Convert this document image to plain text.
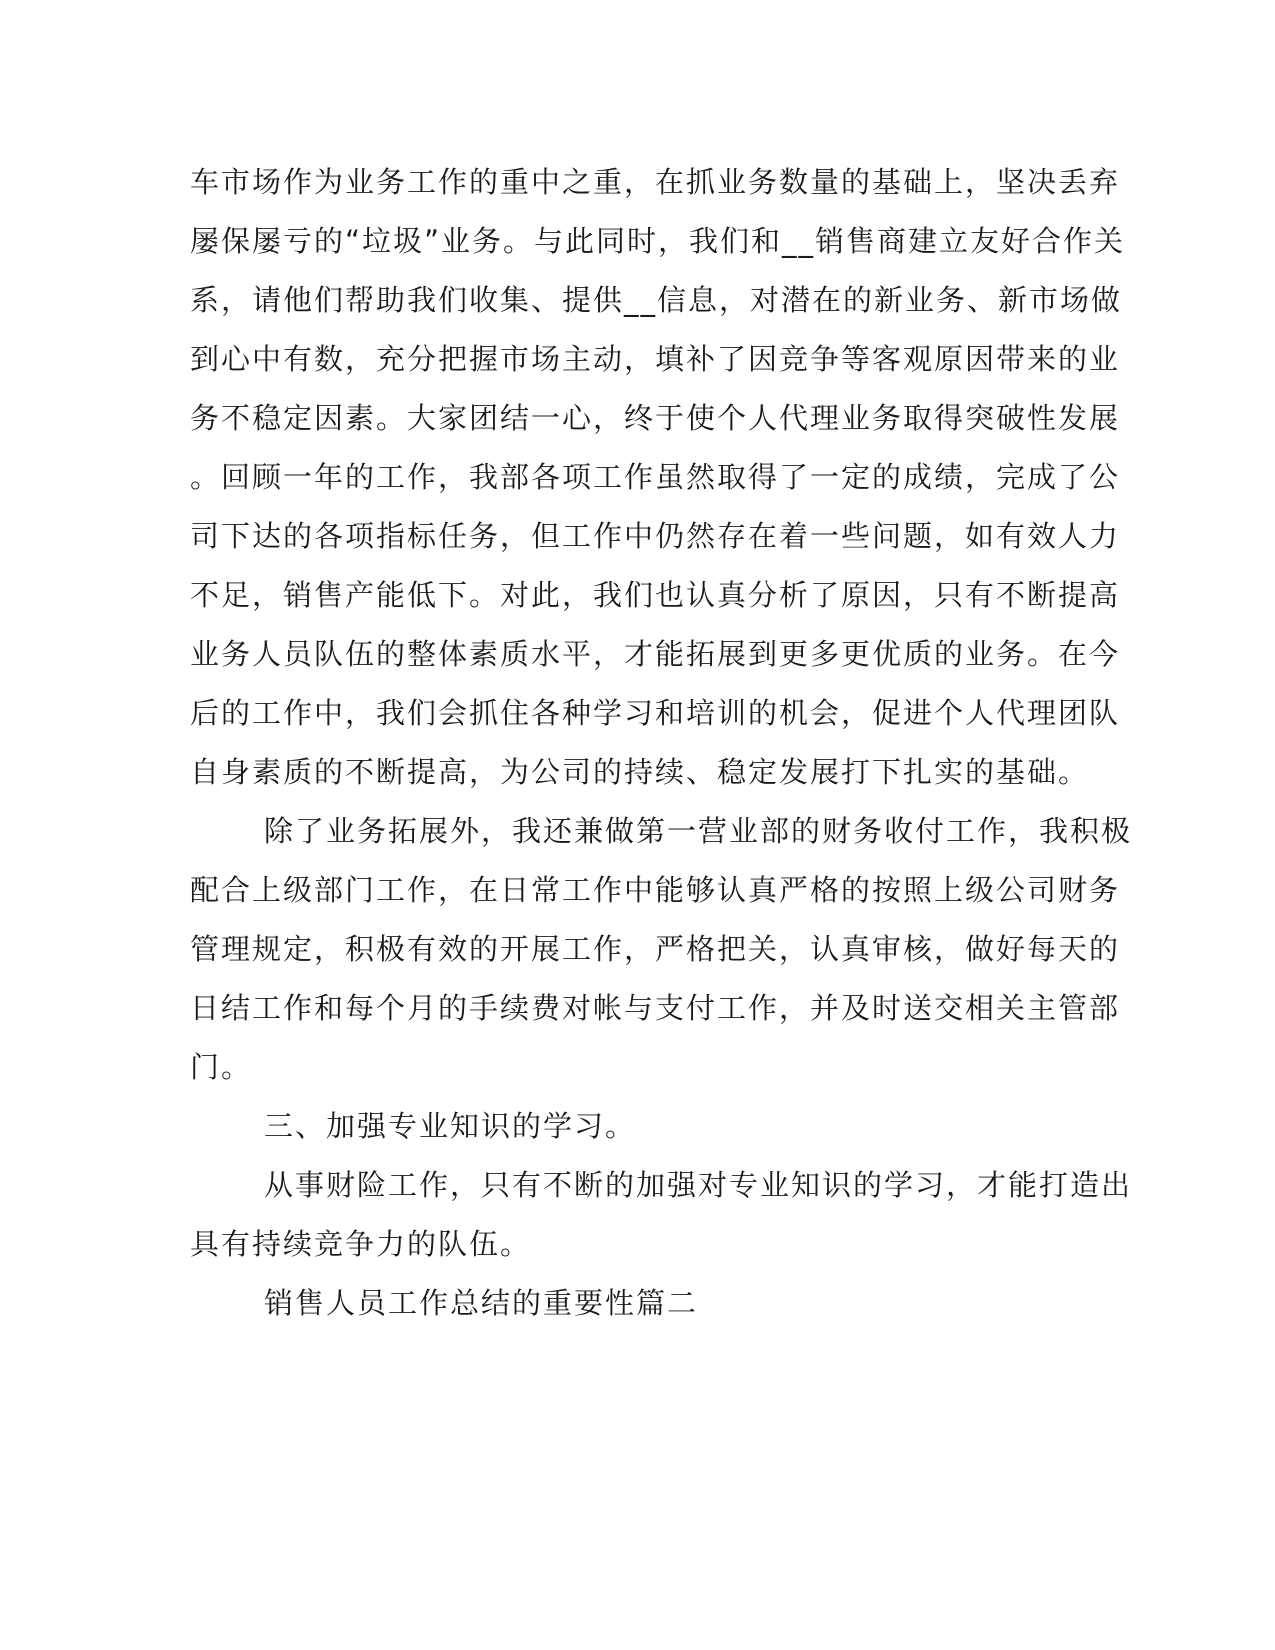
车市场作为业务工作的重中之重，在抓业务数量的基础上，坚决丢弃
屡保屡亏的“垃圾”业务。与此同时，我们和__销售商建立友好合作关
系，请他们帮助我们收集、提供__信息，对潜在的新业务、新市场做
到心中有数，充分把握市场主动，填补了因竞争等客观原因带来的业
务不稳定因素。大家团结一心，终于使个人代理业务取得突破性发展
。回顾一年的工作，我部各项工作虽然取得了一定的成绩，完成了公
司下达的各项指标任务，但工作中仍然存在着一些问题，如有效人力
不足，销售产能低下。对此，我们也认真分析了原因，只有不断提高
业务人员队伍的整体素质水平，才能拓展到更多更优质的业务。在今
后的工作中，我们会抓住各种学习和培训的机会，促进个人代理团队
自身素质的不断提高，为公司的持续、稳定发展打下扎实的基础。
除了业务拓展外，我还兼做第一营业部的财务收付工作，我积极
配合上级部门工作，在日常工作中能够认真严格的按照上级公司财务
管理规定，积极有效的开展工作，严格把关，认真审核，做好每天的
日结工作和每个月的手续费对帐与支付工作，并及时送交相关主管部
门。
三、加强专业知识的学习。
从事财险工作，只有不断的加强对专业知识的学习，才能打造出
具有持续竞争力的队伍。
销售人员工作总结的重要性篇二
